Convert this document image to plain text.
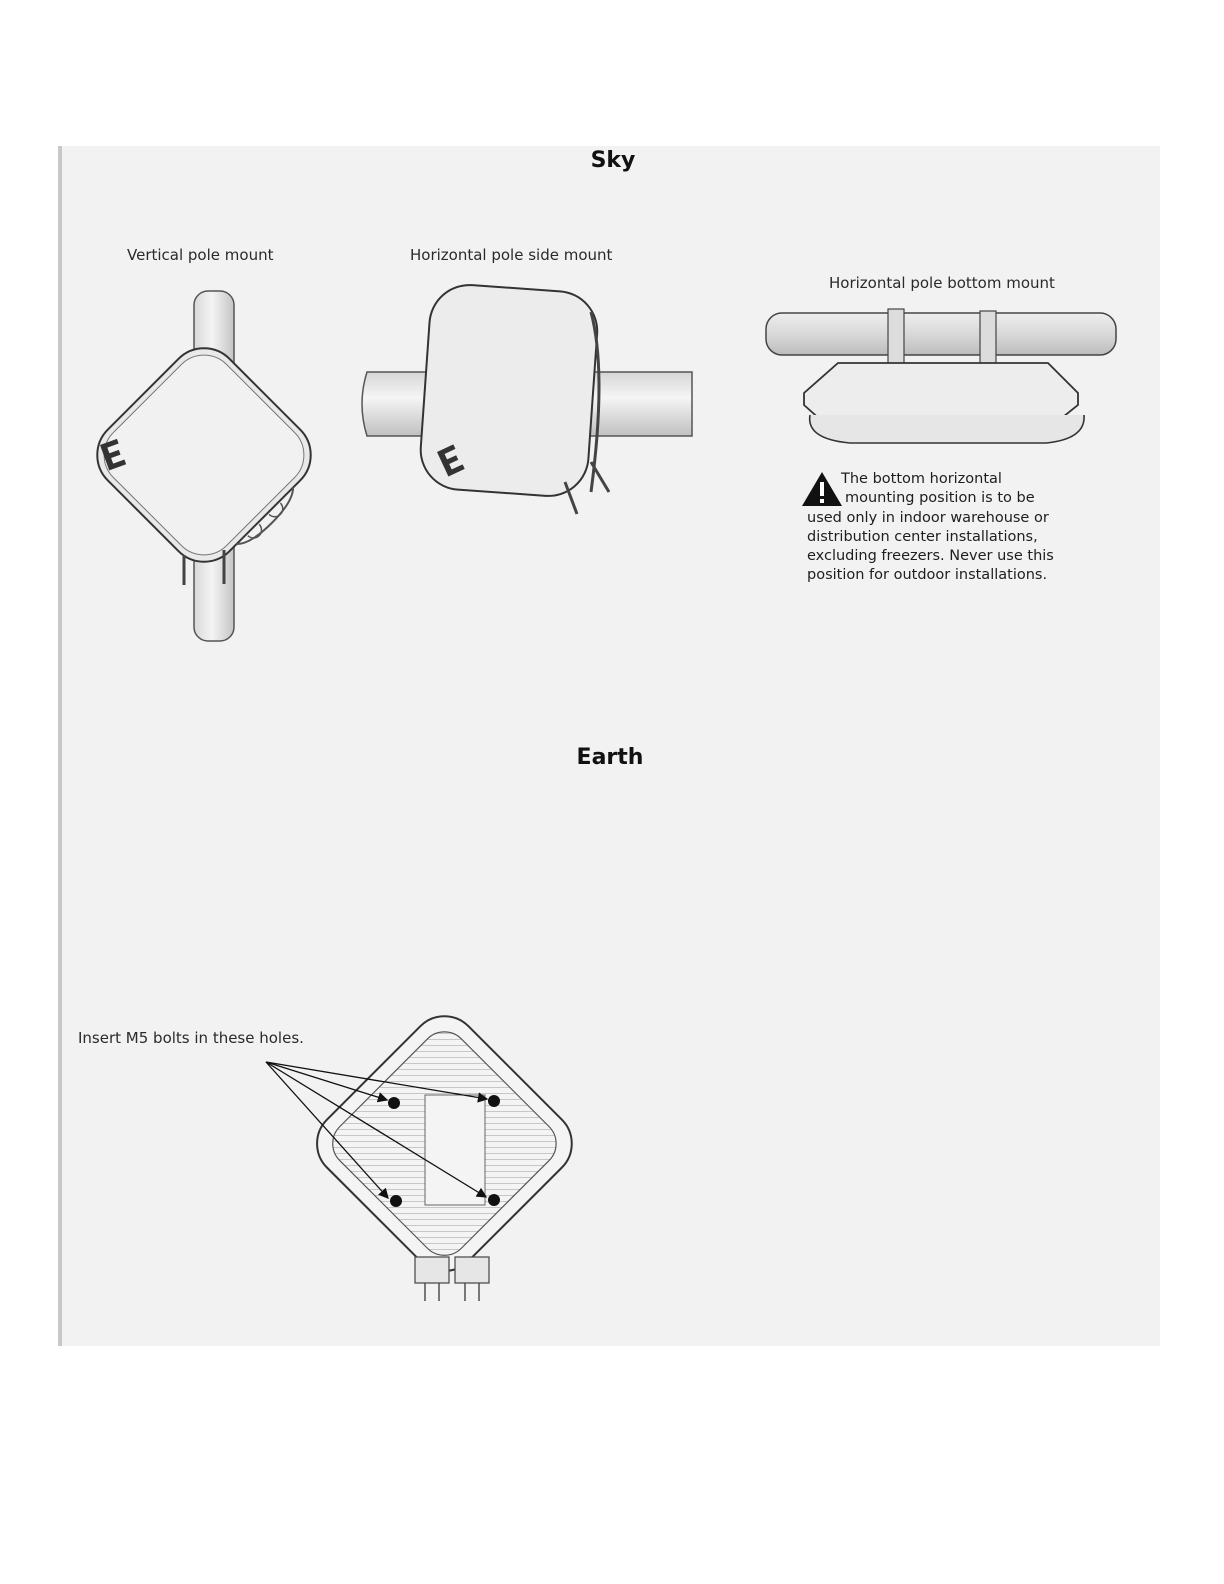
Sky
Vertical pole mount	Horizontal pole side mount
Horizontal pole bottom mount
The bottom horizontal
mounting position is to be
used only in indoor warehouse or
distribution center installations,
excluding freezers. Never use this
position for outdoor installations.
Earth
Insert M5 bolts in these holes.
